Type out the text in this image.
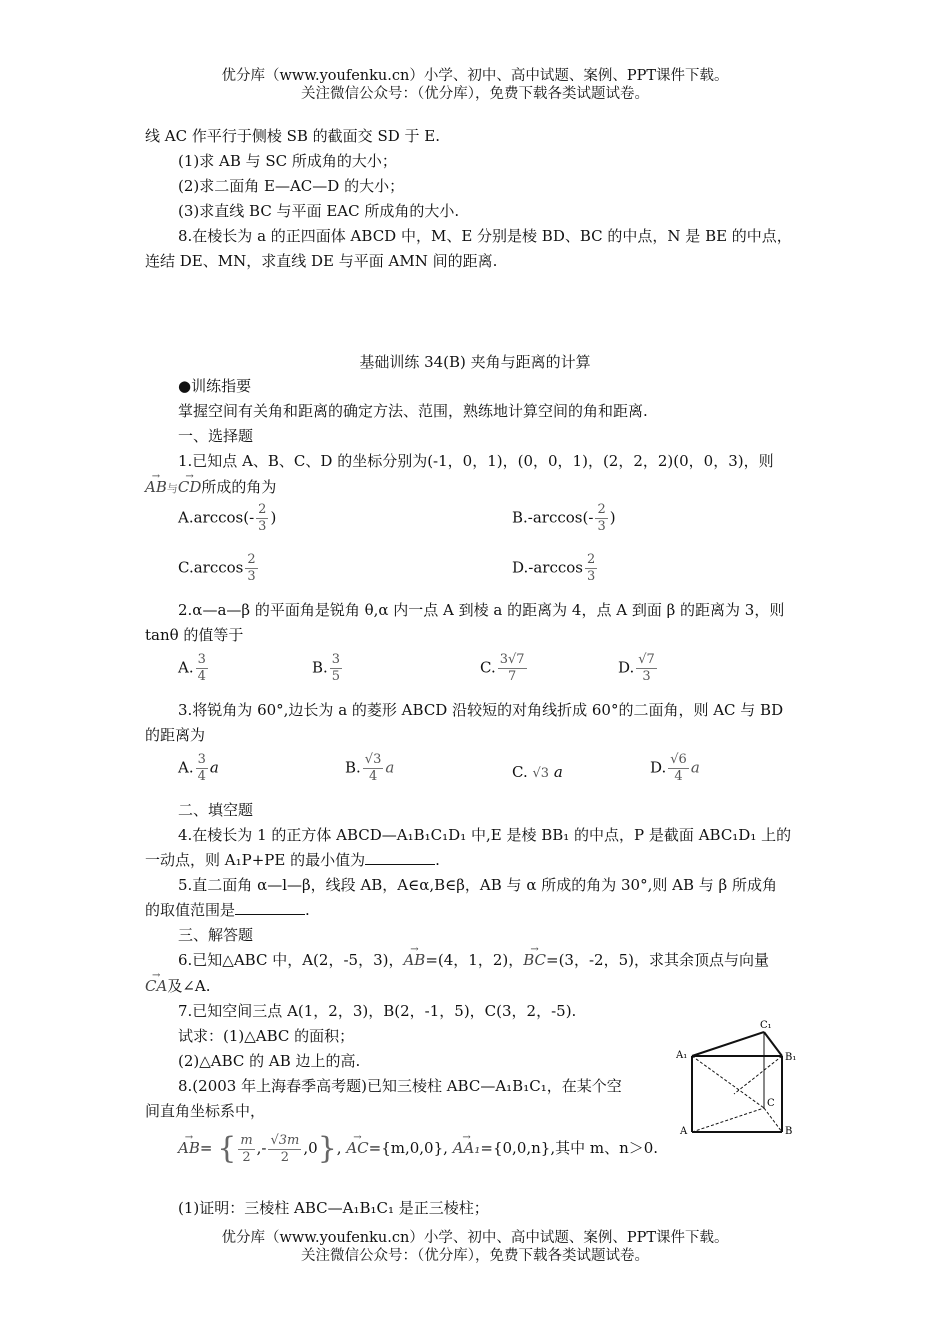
优分库（www.youfenku.cn）小学、初中、高中试题、案例、PPT课件下载。
关注微信公众号：（优分库），免费下载各类试题试卷。
线 AC 作平行于侧棱 SB 的截面交 SD 于 E.
(1)求 AB 与 SC 所成角的大小；
(2)求二面角 E—AC—D 的大小；
(3)求直线 BC 与平面 EAC 所成角的大小.
8.在棱长为 a 的正四面体 ABCD 中，M、E 分别是棱 BD、BC 的中点，N 是 BE 的中点，
连结 DE、MN，求直线 DE 与平面 AMN 间的距离.
基础训练 34(B) 夹角与距离的计算
●训练指要
掌握空间有关角和距离的确定方法、范围，熟练地计算空间的角和距离.
一、选择题
1.已知点 A、B、C、D 的坐标分别为(-1，0，1)，(0，0，1)，(2，2，2)(0，0，3)，则
→ AB与→ CD所成的角为
$A.\arccos(- \frac{2}{3}$ )	$B.-\arccos(- \frac{2}{3}$ )
$C.\arccos \frac{2}{3}$	$D.-\arccos \frac{2}{3}$
2.α—a—β 的平面角是锐角 θ,α 内一点 A 到棱 a 的距离为 4，点 A 到面 β 的距离为 3，则
tanθ 的值等于
A. $\frac{3}{4}$	B. $\frac{3}{5}$	C. $\frac{3√7}{7}$	D. $\frac{√7}{3}$
3.将锐角为 60°,边长为 a 的菱形 ABCD 沿较短的对角线折成 60°的二面角，则 AC 与 BD
的距离为
A. $\frac{3}{4}$ a	B. $\frac{√3}{4}$ a	C. √3 a	D. $\frac{√6}{4}$ a
二、填空题
4.在棱长为 1 的正方体 ABCD—A₁B₁C₁D₁ 中,E 是棱 BB₁ 的中点，P 是截面 ABC₁D₁ 上的
一动点，则 A₁P+PE 的最小值为	.
5.直二面角 α—l—β，线段 AB，A∈α,B∈β，AB 与 α 所成的角为 30°,则 AB 与 β 所成角
的取值范围是	.
三、解答题
6.已知△ABC 中，A(2，-5，3)，→ AB=(4，1，2)，→ BC=(3，-2，5)，求其余顶点与向量
→ CA及∠A.
7.已知空间三点 A(1，2，3)，B(2，-1，5)，C(3，2，-5).
试求：(1)△ABC 的面积；
(2)△ABC 的 AB 边上的高.
8.(2003 年上海春季高考题)已知三棱柱 ABC—A₁B₁C₁，在某个空
间直角坐标系中，
→ AB= { $\frac{m}{2}$ ,- $\frac{√3m}{2} ,0$}, → AC={m,0,0}, → AA₁={0,0,n},其中 m、n＞0.
(1)证明：三棱柱 ABC—A₁B₁C₁ 是正三棱柱；
C₁
A₁	B₁
C
A	B
优分库（www.youfenku.cn）小学、初中、高中试题、案例、PPT课件下载。
关注微信公众号：（优分库），免费下载各类试题试卷。
